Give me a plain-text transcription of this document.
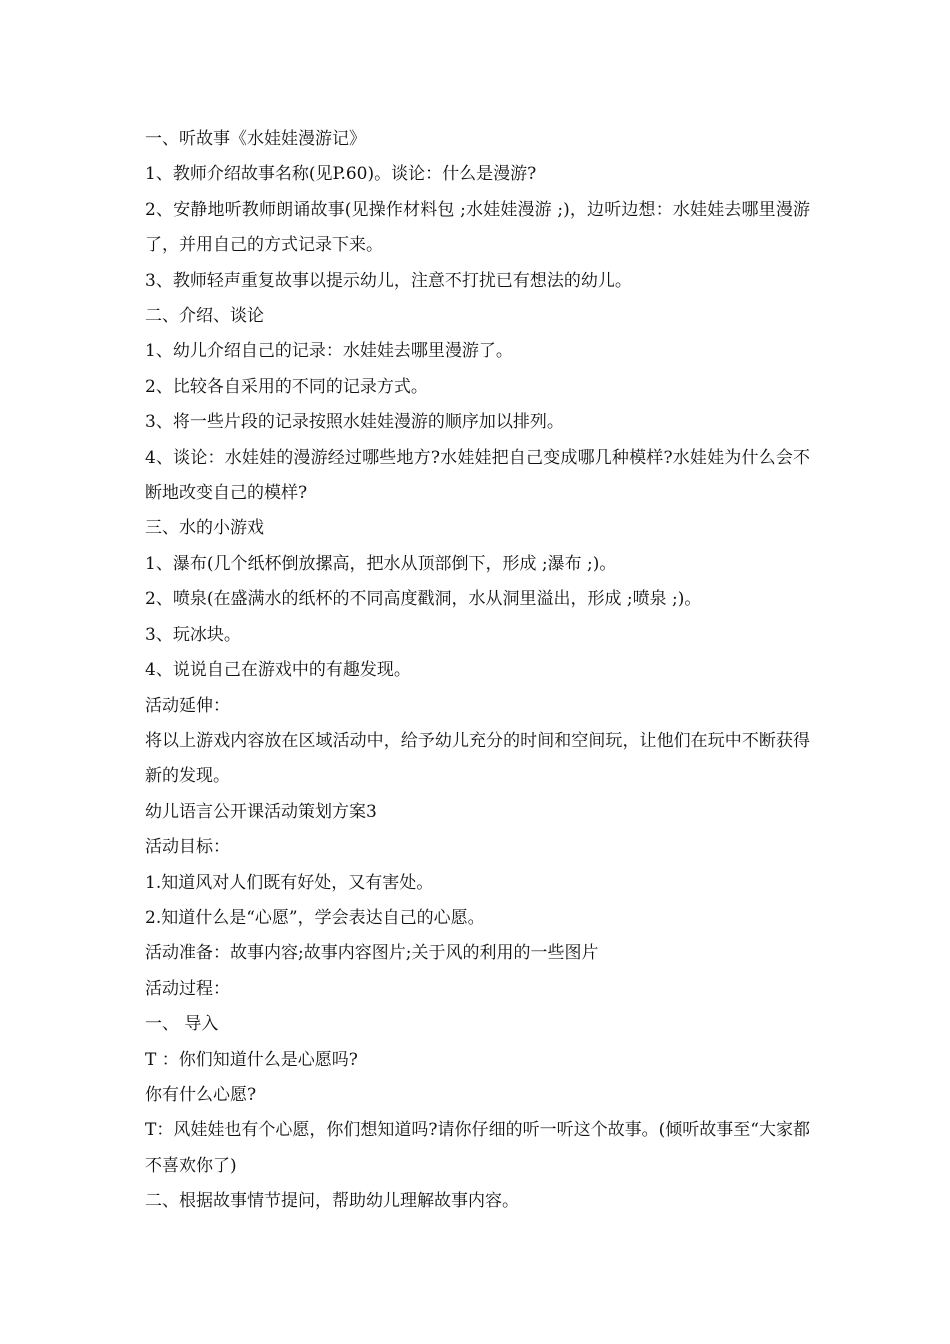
一、听故事《水娃娃漫游记》

1、教师介绍故事名称(见P.60)。谈论：什么是漫游?

2、安静地听教师朗诵故事(见操作材料包 ;水娃娃漫游 ;)，边听边想：水娃娃去哪里漫游了，并用自己的方式记录下来。

3、教师轻声重复故事以提示幼儿，注意不打扰已有想法的幼儿。

二、介绍、谈论

1、幼儿介绍自己的记录：水娃娃去哪里漫游了。

2、比较各自采用的不同的记录方式。

3、将一些片段的记录按照水娃娃漫游的顺序加以排列。

4、谈论：水娃娃的漫游经过哪些地方?水娃娃把自己变成哪几种模样?水娃娃为什么会不断地改变自己的模样?

三、水的小游戏

1、瀑布(几个纸杯倒放摞高，把水从顶部倒下，形成 ;瀑布 ;)。

2、喷泉(在盛满水的纸杯的不同高度戳洞，水从洞里溢出，形成 ;喷泉 ;)。

3、玩冰块。

4、说说自己在游戏中的有趣发现。

活动延伸：

将以上游戏内容放在区域活动中，给予幼儿充分的时间和空间玩，让他们在玩中不断获得新的发现。

幼儿语言公开课活动策划方案3

活动目标：

1.知道风对人们既有好处，又有害处。

2.知道什么是“心愿”，学会表达自己的心愿。

活动准备：故事内容;故事内容图片;关于风的利用的一些图片

活动过程：

一、 导入

T ：你们知道什么是心愿吗?

你有什么心愿?

T：风娃娃也有个心愿，你们想知道吗?请你仔细的听一听这个故事。(倾听故事至“大家都不喜欢你了)

二、根据故事情节提问，帮助幼儿理解故事内容。
